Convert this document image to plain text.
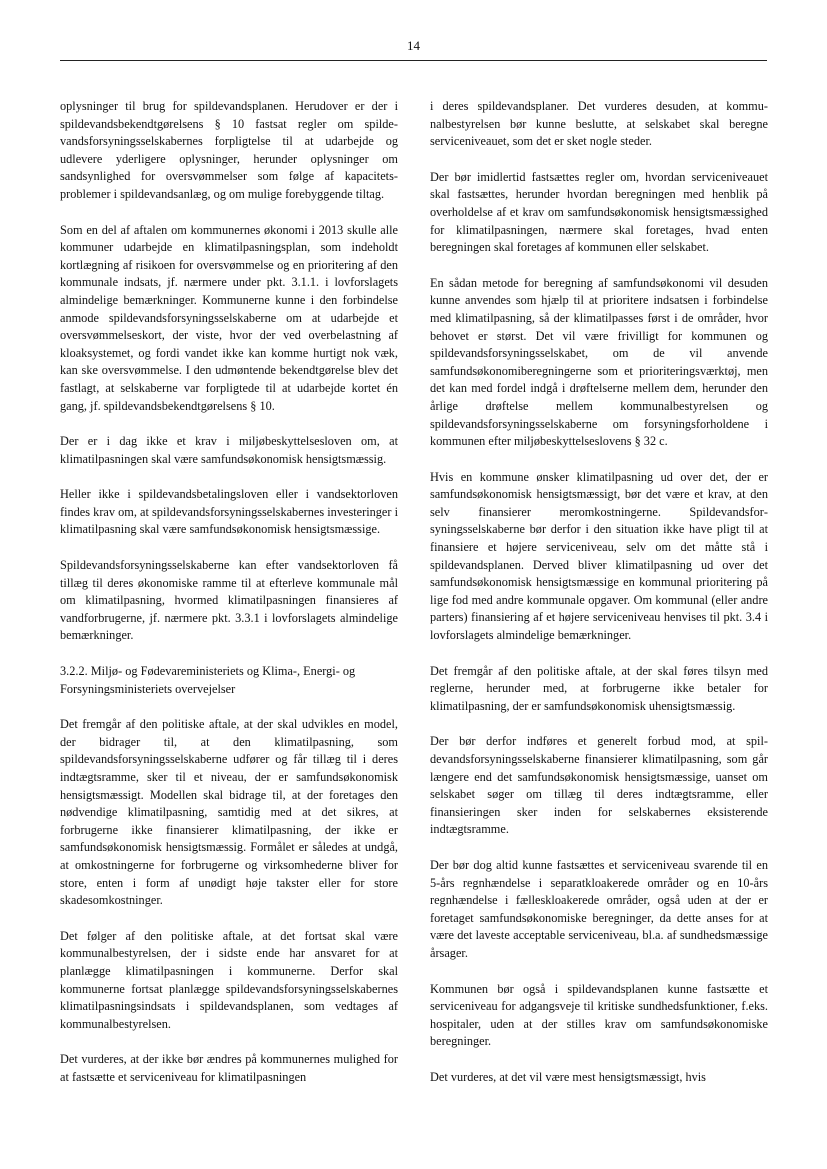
14

oplysninger til brug for spildevandsplanen. Herudover er der i spildevandsbekendtgørelsens § 10 fastsat regler om spildevandsforsyningsselskabernes forpligtelse til at udarbejde og udlevere yderligere oplysninger, herunder oplysninger om sandsynlighed for oversvømmelser som følge af kapacitetsproblemer i spildevandsanlæg, og om mulige forebyggende tiltag.

Som en del af aftalen om kommunernes økonomi i 2013 skulle alle kommuner udarbejde en klimatilpasningsplan, som indeholdt kortlægning af risikoen for oversvømmelse og en prioritering af den kommunale indsats, jf. nærmere under pkt. 3.1.1. i lovforslagets almindelige bemærkninger. Kommunerne kunne i den forbindelse anmode spildevandsforsyningsselskaberne om at udarbejde et oversvømmelseskort, der viste, hvor der ved overbelastning af kloaksystemet, og fordi vandet ikke kan komme hurtigt nok væk, kan ske oversvømmelse. I den udmøntende bekendtgørelse blev det fastlagt, at selskaberne var forpligtede til at udarbejde kortet én gang, jf. spildevandsbekendtgørelsens § 10.

Der er i dag ikke et krav i miljøbeskyttelsesloven om, at klimatilpasningen skal være samfundsøkonomisk hensigtsmæssig.

Heller ikke i spildevandsbetalingsloven eller i vandsektorloven findes krav om, at spildevandsforsyningsselskabernes investeringer i klimatilpasning skal være samfundsøkonomisk hensigtsmæssige.

Spildevandsforsyningsselskaberne kan efter vandsektorloven få tillæg til deres økonomiske ramme til at efterleve kommunale mål om klimatilpasning, hvormed klimatilpasningen finansieres af vandforbrugerne, jf. nærmere pkt. 3.3.1 i lovforslagets almindelige bemærkninger.

3.2.2. Miljø- og Fødevareministeriets og Klima-, Energi- og Forsyningsministeriets overvejelser

Det fremgår af den politiske aftale, at der skal udvikles en model, der bidrager til, at den klimatilpasning, som spildevandsforsyningsselskaberne udfører og får tillæg til i deres indtægtsramme, sker til et niveau, der er samfundsøkonomisk hensigtsmæssigt. Modellen skal bidrage til, at der foretages den nødvendige klimatilpasning, samtidig med at det sikres, at forbrugerne ikke finansierer klimatilpasning, der ikke er samfundsøkonomisk hensigtsmæssig. Formålet er således at undgå, at omkostningerne for forbrugerne og virksomhederne bliver for store, enten i form af unødigt høje takster eller for store skadesomkostninger.

Det følger af den politiske aftale, at det fortsat skal være kommunalbestyrelsen, der i sidste ende har ansvaret for at planlægge klimatilpasningen i kommunerne. Derfor skal kommunerne fortsat planlægge spildevandsforsyningsselskabernes klimatilpasningsindsats i spildevandsplanen, som vedtages af kommunalbestyrelsen.

Det vurderes, at der ikke bør ændres på kommunernes mulighed for at fastsætte et serviceniveau for klimatilpasningen

i deres spildevandsplaner. Det vurderes desuden, at kommunalbestyrelsen bør kunne beslutte, at selskabet skal beregne serviceniveauet, som det er sket nogle steder.

Der bør imidlertid fastsættes regler om, hvordan serviceniveauet skal fastsættes, herunder hvordan beregningen med henblik på overholdelse af et krav om samfundsøkonomisk hensigtsmæssighed for klimatilpasningen, nærmere skal foretages, hvad enten beregningen skal foretages af kommunen eller selskabet.

En sådan metode for beregning af samfundsøkonomi vil desuden kunne anvendes som hjælp til at prioritere indsatsen i forbindelse med klimatilpasning, så der klimatilpasses først i de områder, hvor behovet er størst. Det vil være frivilligt for kommunen og spildevandsforsyningsselskabet, om de vil anvende samfundsøkonomiberegningerne som et prioriteringsværktøj, men det kan med fordel indgå i drøftelserne mellem dem, herunder den årlige drøftelse mellem kommunalbestyrelsen og spildevandsforsyningsselskaberne om forsyningsforholdene i kommunen efter miljøbeskyttelseslovens § 32 c.

Hvis en kommune ønsker klimatilpasning ud over det, der er samfundsøkonomisk hensigtsmæssigt, bør det være et krav, at den selv finansierer meromkostningerne. Spildevandsforsyningsselskaberne bør derfor i den situation ikke have pligt til at finansiere et højere serviceniveau, selv om det måtte stå i spildevandsplanen. Derved bliver klimatilpasning ud over det samfundsøkonomisk hensigtsmæssige en kommunal prioritering på lige fod med andre kommunale opgaver. Om kommunal (eller andre parters) finansiering af et højere serviceniveau henvises til pkt. 3.4 i lovforslagets almindelige bemærkninger.

Det fremgår af den politiske aftale, at der skal føres tilsyn med reglerne, herunder med, at forbrugerne ikke betaler for klimatilpasning, der er samfundsøkonomisk uhensigtsmæssig.

Der bør derfor indføres et generelt forbud mod, at spildevandsforsyningsselskaberne finansierer klimatilpasning, som går længere end det samfundsøkonomisk hensigtsmæssige, uanset om selskabet søger om tillæg til deres indtægtsramme, eller finansieringen sker inden for selskabernes eksisterende indtægtsramme.

Der bør dog altid kunne fastsættes et serviceniveau svarende til en 5-års regnhændelse i separatkloakerede områder og en 10-års regnhændelse i fælleskloakerede områder, også uden at der er foretaget samfundsøkonomiske beregninger, da dette anses for at være det laveste acceptable serviceniveau, bl.a. af sundhedsmæssige årsager.

Kommunen bør også i spildevandsplanen kunne fastsætte et serviceniveau for adgangsveje til kritiske sundhedsfunktioner, f.eks. hospitaler, uden at der stilles krav om samfundsøkonomiske beregninger.

Det vurderes, at det vil være mest hensigtsmæssigt, hvis
